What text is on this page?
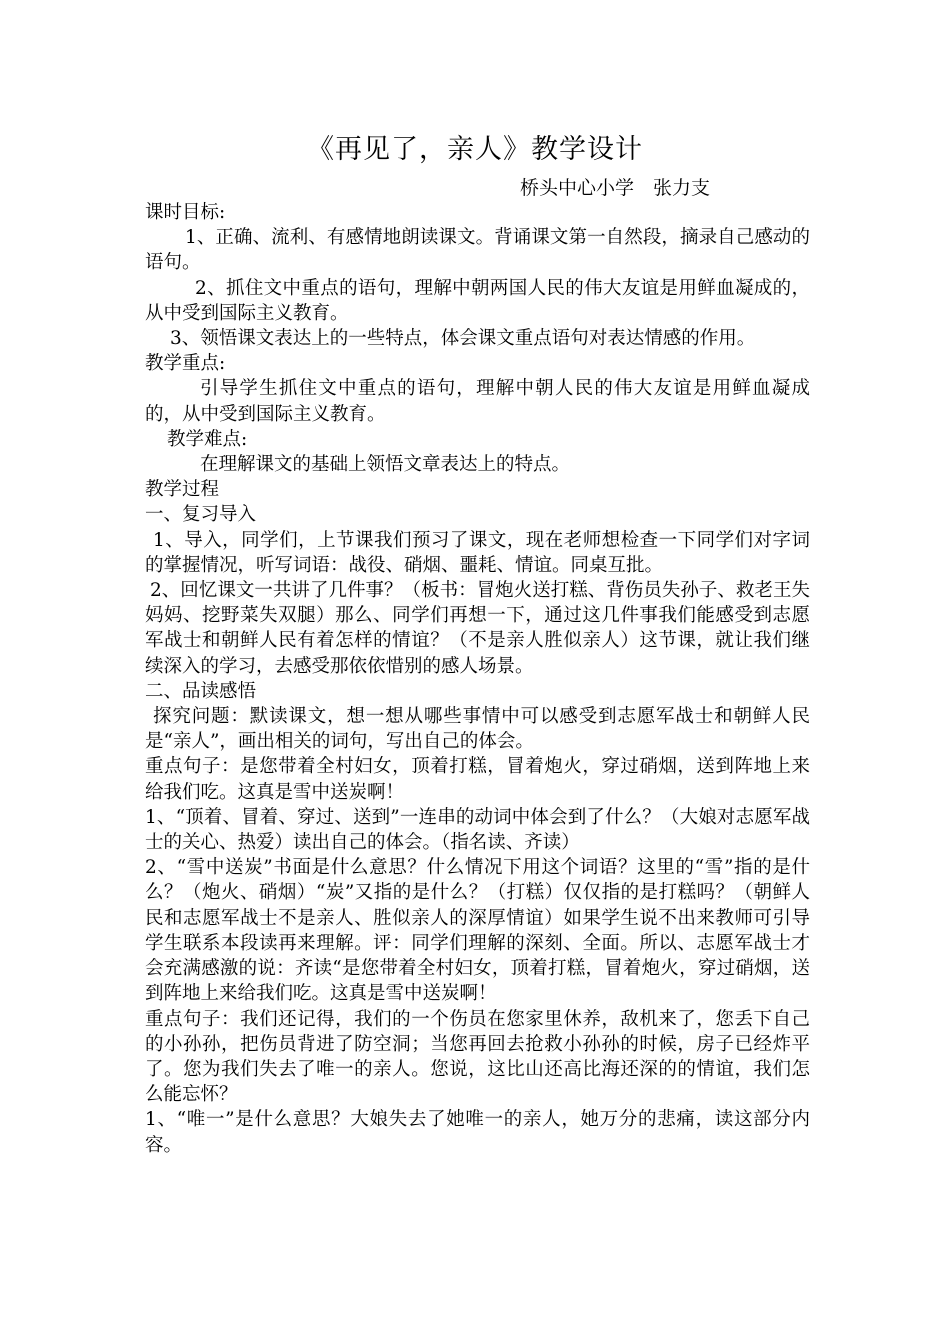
《再见了，亲人》教学设计
桥头中心小学　张力支

课时目标:

1、正确、流利、有感情地朗读课文。背诵课文第一自然段，摘录自己感动的语句。

2、抓住文中重点的语句，理解中朝两国人民的伟大友谊是用鲜血凝成的，从中受到国际主义教育。

3、领悟课文表达上的一些特点，体会课文重点语句对表达情感的作用。

教学重点:

引导学生抓住文中重点的语句，理解中朝人民的伟大友谊是用鲜血凝成的，从中受到国际主义教育。

教学难点:

在理解课文的基础上领悟文章表达上的特点。

教学过程

一、复习导入

1、导入，同学们，上节课我们预习了课文，现在老师想检查一下同学们对字词的掌握情况，听写词语：战役、硝烟、噩耗、情谊。同桌互批。

2、回忆课文一共讲了几件事？（板书：冒炮火送打糕、背伤员失孙子、救老王失妈妈、挖野菜失双腿）那么、同学们再想一下，通过这几件事我们能感受到志愿军战士和朝鲜人民有着怎样的情谊？（不是亲人胜似亲人）这节课，就让我们继续深入的学习，去感受那依依惜别的感人场景。

二、品读感悟

探究问题：默读课文，想一想从哪些事情中可以感受到志愿军战士和朝鲜人民是“亲人”，画出相关的词句，写出自己的体会。

重点句子：是您带着全村妇女，顶着打糕，冒着炮火，穿过硝烟，送到阵地上来给我们吃。这真是雪中送炭啊！

1、“顶着、冒着、穿过、送到”一连串的动词中体会到了什么？（大娘对志愿军战士的关心、热爱）读出自己的体会。（指名读、齐读）

2、“雪中送炭”书面是什么意思？什么情况下用这个词语？这里的“雪”指的是什么？（炮火、硝烟）“炭”又指的是什么？（打糕）仅仅指的是打糕吗？（朝鲜人民和志愿军战士不是亲人、胜似亲人的深厚情谊）如果学生说不出来教师可引导学生联系本段读再来理解。评：同学们理解的深刻、全面。所以、志愿军战士才会充满感激的说：齐读“是您带着全村妇女，顶着打糕，冒着炮火，穿过硝烟，送到阵地上来给我们吃。这真是雪中送炭啊！

重点句子：我们还记得，我们的一个伤员在您家里休养，敌机来了，您丢下自己的小孙孙，把伤员背进了防空洞；当您再回去抢救小孙孙的时候，房子已经炸平了。您为我们失去了唯一的亲人。您说，这比山还高比海还深的的情谊，我们怎么能忘怀？

1、“唯一”是什么意思？大娘失去了她唯一的亲人，她万分的悲痛，读这部分内容。
